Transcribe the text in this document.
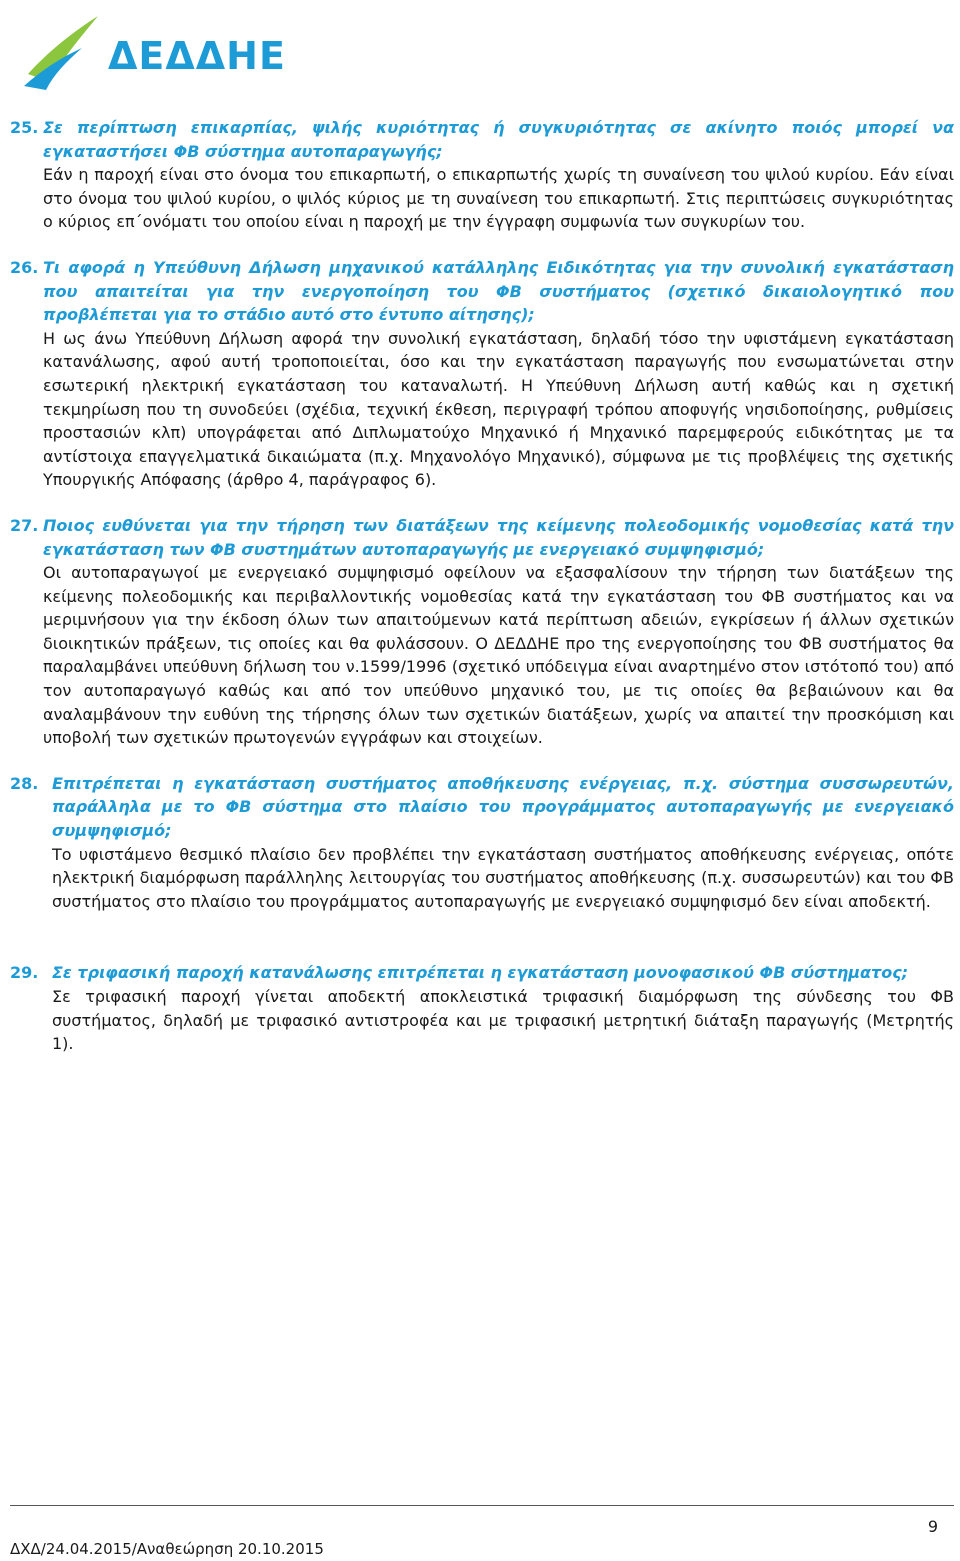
ΔΕΔΔΗΕ
25. Σε περίπτωση επικαρπίας, ψιλής κυριότητας ή συγκυριότητας σε ακίνητο ποιός μπορεί να εγκαταστήσει ΦΒ σύστημα αυτοπαραγωγής;
Εάν η παροχή είναι στο όνομα του επικαρπωτή, ο επικαρπωτής χωρίς τη συναίνεση του ψιλού κυρίου. Εάν είναι στο όνομα του ψιλού κυρίου, ο ψιλός κύριος με τη συναίνεση του επικαρπωτή. Στις περιπτώσεις συγκυριότητας ο κύριος επ΄ονόματι του οποίου είναι η παροχή με την έγγραφη συμφωνία των συγκυρίων του.
26. Τι αφορά η Υπεύθυνη Δήλωση μηχανικού κατάλληλης Ειδικότητας για την συνολική εγκατάσταση που απαιτείται για την ενεργοποίηση του ΦΒ συστήματος (σχετικό δικαιολογητικό που προβλέπεται για το στάδιο αυτό στο έντυπο αίτησης);
Η ως άνω Υπεύθυνη Δήλωση αφορά την συνολική εγκατάσταση, δηλαδή τόσο την υφιστάμενη εγκατάσταση κατανάλωσης, αφού αυτή τροποποιείται, όσο και την εγκατάσταση παραγωγής που ενσωματώνεται στην εσωτερική ηλεκτρική εγκατάσταση του καταναλωτή. Η Υπεύθυνη Δήλωση αυτή καθώς και η σχετική τεκμηρίωση που τη συνοδεύει (σχέδια, τεχνική έκθεση, περιγραφή τρόπου αποφυγής νησιδοποίησης, ρυθμίσεις προστασιών κλπ) υπογράφεται από Διπλωματούχο Μηχανικό ή Μηχανικό παρεμφερούς ειδικότητας με τα αντίστοιχα επαγγελματικά δικαιώματα (π.χ. Μηχανολόγο Μηχανικό), σύμφωνα με τις προβλέψεις της σχετικής Υπουργικής Απόφασης (άρθρο 4, παράγραφος 6).
27. Ποιος ευθύνεται για την τήρηση των διατάξεων της κείμενης πολεοδομικής νομοθεσίας κατά την εγκατάσταση των ΦΒ συστημάτων αυτοπαραγωγής με ενεργειακό συμψηφισμό;
Οι αυτοπαραγωγοί με ενεργειακό συμψηφισμό οφείλουν να εξασφαλίσουν την τήρηση των διατάξεων της κείμενης πολεοδομικής και περιβαλλοντικής νομοθεσίας κατά την εγκατάσταση του ΦΒ συστήματος και να μεριμνήσουν για την έκδοση όλων των απαιτούμενων κατά περίπτωση αδειών, εγκρίσεων ή άλλων σχετικών διοικητικών πράξεων, τις οποίες και θα φυλάσσουν. Ο ΔΕΔΔΗΕ προ της ενεργοποίησης του ΦΒ συστήματος θα παραλαμβάνει υπεύθυνη δήλωση του ν.1599/1996 (σχετικό υπόδειγμα είναι αναρτημένο στον ιστότοπό του) από τον αυτοπαραγωγό καθώς και από τον υπεύθυνο μηχανικό του, με τις οποίες θα βεβαιώνουν και θα αναλαμβάνουν την ευθύνη της τήρησης όλων των σχετικών διατάξεων, χωρίς να απαιτεί την προσκόμιση και υποβολή των σχετικών πρωτογενών εγγράφων και στοιχείων.
28. Επιτρέπεται η εγκατάσταση συστήματος αποθήκευσης ενέργειας, π.χ. σύστημα συσσωρευτών, παράλληλα με το ΦΒ σύστημα στο πλαίσιο του προγράμματος αυτοπαραγωγής με ενεργειακό συμψηφισμό;
Το υφιστάμενο θεσμικό πλαίσιο δεν προβλέπει την εγκατάσταση συστήματος αποθήκευσης ενέργειας, οπότε ηλεκτρική διαμόρφωση παράλληλης λειτουργίας του συστήματος αποθήκευσης (π.χ. συσσωρευτών) και του ΦΒ συστήματος στο πλαίσιο του προγράμματος αυτοπαραγωγής με ενεργειακό συμψηφισμό δεν είναι αποδεκτή.
29. Σε τριφασική παροχή κατανάλωσης επιτρέπεται η εγκατάσταση μονοφασικού ΦΒ σύστηματος;
Σε τριφασική παροχή γίνεται αποδεκτή αποκλειστικά τριφασική διαμόρφωση της σύνδεσης του ΦΒ συστήματος, δηλαδή με τριφασικό αντιστροφέα και με τριφασική μετρητική διάταξη παραγωγής (Μετρητής 1).
9
ΔΧΔ/24.04.2015/Αναθεώρηση 20.10.2015
